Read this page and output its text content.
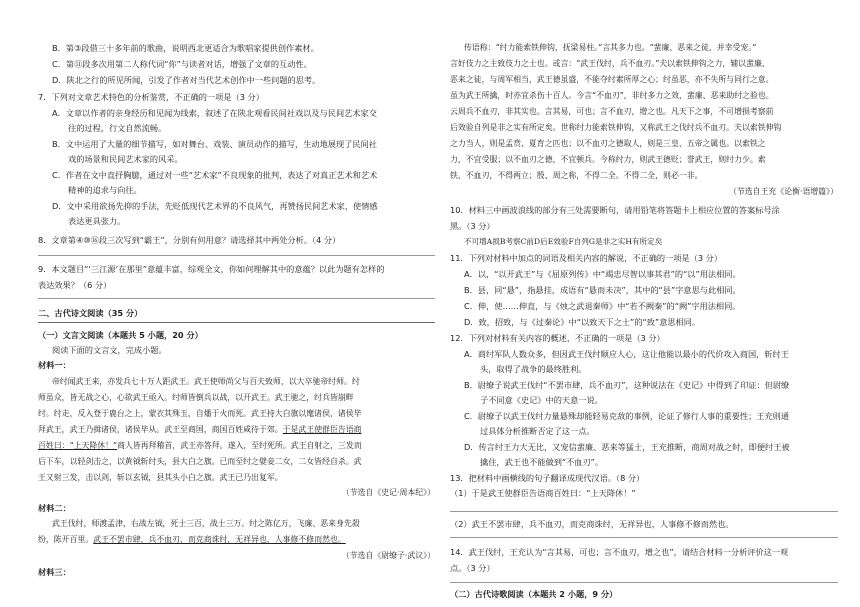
B．第③段借三十多年前的歌曲，说明西北更适合为歌唱家提供创作素材。
C．第⑪段多次用第二人称代词“你”与读者对话，增强了文章的互动性。
D．陕北之行的所见所闻，引发了作者对当代艺术创作中一些问题的思考。
7．下列对文章艺术特色的分析鉴赏，不正确的一项是（3 分）
A．文章以作者的亲身经历和见闻为线索，叙述了在陕北观看民间社戏以及与民间艺术家交
往的过程，行文自然流畅。
B．文中运用了大量的细节描写，如对舞台、戏装、演员动作的描写，生动地展现了民间社
戏的场景和民间艺术家的风采。
C．作者在文中直抒胸臆，通过对一些“艺术家”不良现象的批判，表达了对真正艺术和艺术
精神的追求与向往。
D．文中采用欲扬先抑的手法，先贬低现代艺术界的不良风气，再赞扬民间艺术家，使情感
表达更具张力。
8．文章第④⑩⑯段三次写到“霸王”，分别有何用意？请选择其中两处分析。（4 分）
9．本文题目“‘三江源’在那里”意蕴丰富，综观全文，你如何理解其中的意蕴？以此为题有怎样的
表达效果？（6 分）
二、古代诗文阅读（35 分）
（一）文言文阅读（本题共 5 小题，20 分）
阅读下面的文言文，完成小题。
材料一：
帝纣闻武王来，亦发兵七十万人距武王。武王使师尚父与百夫致师，以大卒驰帝纣师。纣
师虽众，皆无战之心，心欲武王亟入。纣师皆倒兵以战，以开武王。武王驰之，纣兵皆崩畔
纣。纣走，反入登于鹿台之上，蒙衣其殊玉，自燔于火而死。武王持大白旗以麾诸侯，诸侯毕
拜武王，武王乃揖诸侯，诸侯毕从。武王至商国，商国百姓咸待于郊。于是武王使群臣告语商
百姓曰：“上天降休！”商人皆再拜稽首，武王亦答拜。遂入，至纣死所。武王自射之，三发而
后下车，以轻剑击之，以黄钺斩纣头，县大白之旗。已而至纣之嬖妾二女，二女皆经自杀。武
王又射三发，击以剑，斩以玄钺，县其头小白之旗。武王已乃出复军。
（节选自《史记·周本纪》）
材料二：
武王伐纣，师渡孟津，右战左钺，死士三百，战士三万。纣之陈亿万，飞廉、恶来身先殺
纷，陈开百里。武王不罢市肆，兵不血刃，而克商诛纣，无祥异也，人事修不修而然也。
（节选自《尉缭子·武议》）
材料三：
传语称：“纣力能索铁伸钩，抚梁易柱。”言其多力也。“蜚廉、恶来之徒，并幸受宠。”
言好伎力之主致伎力之士也。或言：“武王伐纣，兵不血刃。”夫以索铁伸钩之力，辅以蜚廉、
恶来之徒，与周军相当，武王德虽盛，不能夺纣素所厚之心；纣虽恶，亦不失所与同行之意。
虽为武王所擒，时亦宜杀伤十百人。今言“不血刃”，非纣多力之效，蜚廉、恶来助纣之验也。
云周兵不血刃，非其实也。言其易，可也；言不血刃，增之也。凡天下之事，不可增损考察前
后效验自列是非之实有所定矣。世称纣力能索铁伸钩，又称武王之伐纣兵不血刃。夫以索铁伸钩
之力当人，则是孟贲、夏育之匹也；以不血刃之德取人，则是三皇、五帝之属也。以索铁之
力，不宜受服；以不血刃之德，不宜顿兵。今称纣力，则武王德贬；誉武王，则纣力少。索
铁、不血刃，不得两立；殷、周之称，不得二全。不得二全，则必一非。
（节选自王充《论衡·语增篇》）
10．材料三中画波浪线的部分有三处需要断句，请用铅笔将答题卡上相应位置的答案标号涂
黑。（3 分）
不可增A损B考察C前D后E效验F自列G是非之实H有所定矣
11．下列对材料中加点的词语及相关内容的解说，不正确的一项是（3 分）
A．以，“以开武王”与《屈原列传》中“竭忠尽智以事其君”的“以”用法相同。
B．县，同“悬”，指悬挂，成语有“悬而未决”，其中的“县”字意思与此相同。
C．伸，使……伸直，与《烛之武退秦师》中“若不阙秦”的“阙”字用法相同。
D．致，招致，与《过秦论》中“以致天下之士”的“致”意思相同。
12．下列对材料有关内容的概述，不正确的一项是（3 分）
A．商纣军队人数众多，但因武王伐纣顺应人心，这让他能以最小的代价攻入商国，斩纣王
头，取得了战争的最终胜利。
B．尉缭子说武王伐纣“不罢市肆，兵不血刃”，这种说法在《史记》中得到了印证：但尉缭
子不同意《史记》中的天意一说。
C．尉缭子以武王伐纣力量悬殊却能轻易克敌的事例，论证了修行人事的重要性；王充则通
过具体分析推断否定了这一点。
D．传言纣王力大无比，又宠信蜚廉、恶来等猛士，王充推断，商周对战之时，即便纣王被
擒住，武王也不能做到“不血刃”。
13．把材料中画横线的句子翻译成现代汉语。（8 分）
（1）于是武王使群臣告语商百姓曰：“上天降休！”
（2）武王不罢市肆，兵不血刃，而克商诛纣，无祥异也，人事修不修而然也。
14．武王伐纣，王充认为“言其易，可也；言不血刃，增之也”，请结合材料一分析评价这一观
点。（3 分）
（二）古代诗歌阅读（本题共 2 小题，9 分）
